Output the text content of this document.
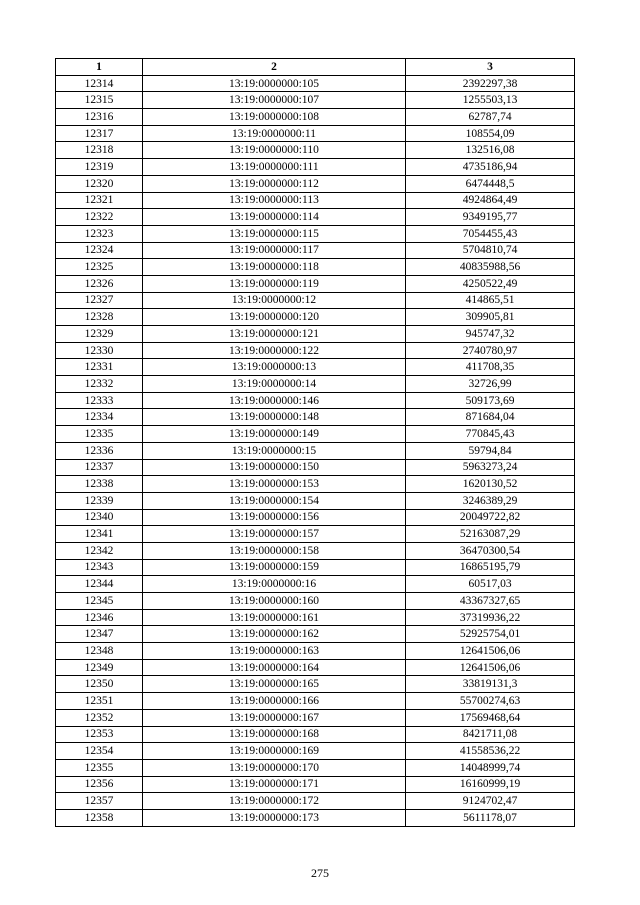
1	2	3
12314	13:19:0000000:105	2392297,38
12315	13:19:0000000:107	1255503,13
12316	13:19:0000000:108	62787,74
12317	13:19:0000000:11	108554,09
12318	13:19:0000000:110	132516,08
12319	13:19:0000000:111	4735186,94
12320	13:19:0000000:112	6474448,5
12321	13:19:0000000:113	4924864,49
12322	13:19:0000000:114	9349195,77
12323	13:19:0000000:115	7054455,43
12324	13:19:0000000:117	5704810,74
12325	13:19:0000000:118	40835988,56
12326	13:19:0000000:119	4250522,49
12327	13:19:0000000:12	414865,51
12328	13:19:0000000:120	309905,81
12329	13:19:0000000:121	945747,32
12330	13:19:0000000:122	2740780,97
12331	13:19:0000000:13	411708,35
12332	13:19:0000000:14	32726,99
12333	13:19:0000000:146	509173,69
12334	13:19:0000000:148	871684,04
12335	13:19:0000000:149	770845,43
12336	13:19:0000000:15	59794,84
12337	13:19:0000000:150	5963273,24
12338	13:19:0000000:153	1620130,52
12339	13:19:0000000:154	3246389,29
12340	13:19:0000000:156	20049722,82
12341	13:19:0000000:157	52163087,29
12342	13:19:0000000:158	36470300,54
12343	13:19:0000000:159	16865195,79
12344	13:19:0000000:16	60517,03
12345	13:19:0000000:160	43367327,65
12346	13:19:0000000:161	37319936,22
12347	13:19:0000000:162	52925754,01
12348	13:19:0000000:163	12641506,06
12349	13:19:0000000:164	12641506,06
12350	13:19:0000000:165	33819131,3
12351	13:19:0000000:166	55700274,63
12352	13:19:0000000:167	17569468,64
12353	13:19:0000000:168	8421711,08
12354	13:19:0000000:169	41558536,22
12355	13:19:0000000:170	14048999,74
12356	13:19:0000000:171	16160999,19
12357	13:19:0000000:172	9124702,47
12358	13:19:0000000:173	5611178,07
275
